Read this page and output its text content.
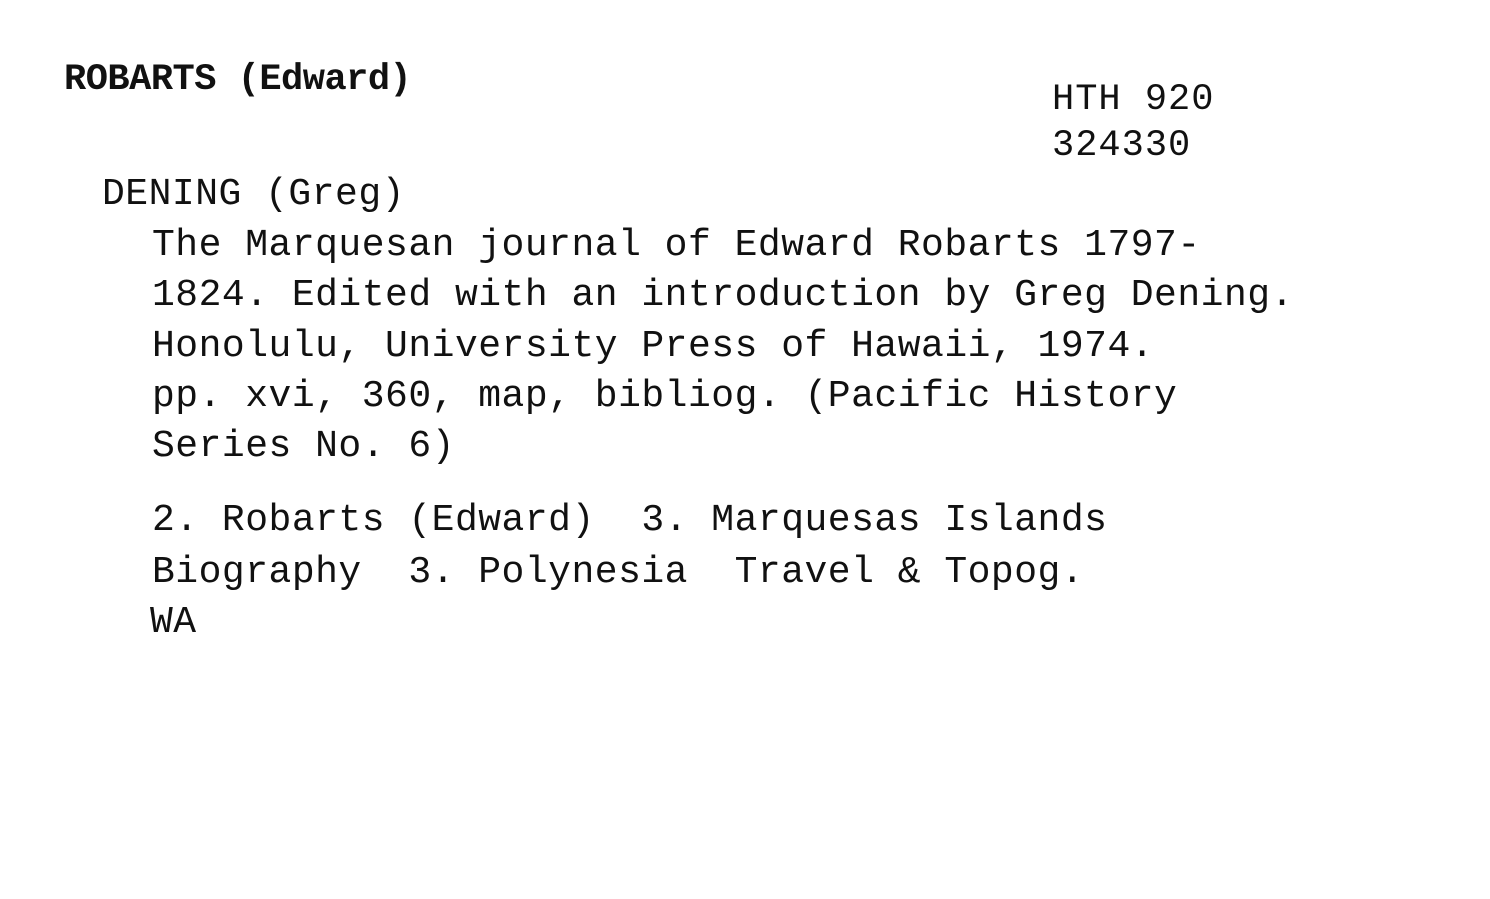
ROBARTS (Edward)	HTH 920
324330
DENING (Greg)
The Marquesan journal of Edward Robarts 1797-
1824. Edited with an introduction by Greg Dening.
Honolulu, University Press of Hawaii, 1974.
pp. xvi, 360, map, bibliog. (Pacific History
Series No. 6)
2. Robarts (Edward)  3. Marquesas Islands
Biography  3. Polynesia  Travel & Topog.
WA
